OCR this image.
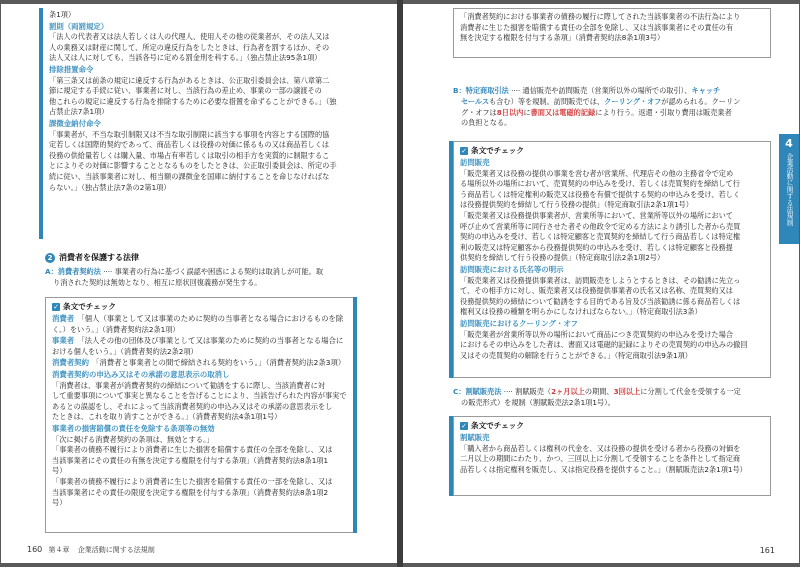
条1項）
罰則（両罰規定）
「法人の代表者又は法人若しくは人の代理人、使用人その他の従業者が、その法人又は
人の業務又は財産に関して、所定の違反行為をしたときは、行為者を罰するほか、その
法人又は人に対しても、当該各号に定める罰金刑を科する。」（独占禁止法95条1項）
排除措置命令
「第三条又は前条の規定に違反する行為があるときは、公正取引委員会は、第八章第二
節に規定する手続に従い、事業者に対し、当該行為の差止め、事業の一部の譲渡その
他これらの規定に違反する行為を排除するために必要な措置を命ずることができる。」（独
占禁止法7条1項）
課徴金納付命令
「事業者が、不当な取引制限又は不当な取引制限に該当する事項を内容とする国際的協
定若しくは国際的契約であって、商品若しくは役務の対価に係るもの又は商品若しくは
役務の供給量若しくは購入量、市場占有率若しくは取引の相手方を実質的に制限するこ
とによりその対価に影響することとなるものをしたときは、公正取引委員会は、所定の手
続に従い、当該事業者に対し、相当額の課徴金を国庫に納付することを命じなければな
らない。」（独占禁止法7条の2第1項）
2 消費者を保護する法律
A：消費者契約法 ···· 事業者の行為に基づく誤認や困惑による契約は取消しが可能。取
り消された契約は無効となり、相互に原状回復義務が発生する。
✓ 条文でチェック
消費者 「個人（事業として又は事業のために契約の当事者となる場合におけるものを除
く。）をいう。」（消費者契約法2条1項）
事業者 「法人その他の団体及び事業として又は事業のために契約の当事者となる場合に
おける個人をいう。」（消費者契約法2条2項）
消費者契約 「消費者と事業者との間で締結される契約をいう。」（消費者契約法2条3項）
消費者契約の申込み又はその承諾の意思表示の取消し
「消費者は、事業者が消費者契約の締結について勧誘をするに際し、当該消費者に対
して重要事項について事実と異なることを告げることにより、当該告げられた内容が事実で
あるとの誤認をし、それによって当該消費者契約の申込み又はその承諾の意思表示をし
たときは、これを取り消すことができる。」（消費者契約法4条1項1号）
事業者の損害賠償の責任を免除する条項等の無効
「次に掲げる消費者契約の条項は、無効とする。」
「事業者の債務不履行により消費者に生じた損害を賠償する責任の全部を免除し、又は
当該事業者にその責任の有無を決定する権限を付与する条項」（消費者契約法8条1項1
号）
「事業者の債務不履行により消費者に生じた損害を賠償する責任の一部を免除し、又は
当該事業者にその責任の限度を決定する権限を付与する条項」（消費者契約法8条1項2
号）
160 第４章 企業活動に関する法規制
「消費者契約における事業者の債務の履行に際してされた当該事業者の不法行為により
消費者に生じた損害を賠償する責任の全部を免除し、又は当該事業者にその責任の有
無を決定する権限を付与する条項」（消費者契約法8条1項3号）
B：特定商取引法 ···· 通信販売や訪問販売（営業所以外の場所での取引）、キャッチ
セールスも含む）等を規制。訪問販売では、クーリング・オフが認められる。クーリン
グ・オフは8日以内に書面又は電磁的記録により行う。返還・引取り費用は販売業者
の負担となる。
✓ 条文でチェック
訪問販売
「販売業者又は役務の提供の事業を営む者が営業所、代理店その他の主務省令で定め
る場所以外の場所において、売買契約の申込みを受け、若しくは売買契約を締結して行
う商品若しくは特定権利の販売又は役務を有償で提供する契約の申込みを受け、若しく
は役務提供契約を締結して行う役務の提供」（特定商取引法2条1項1号）
「販売業者又は役務提供事業者が、営業所等において、営業所等以外の場所において
呼び止めて営業所等に同行させた者その他政令で定める方法により誘引した者から売買
契約の申込みを受け、若しくは特定顧客と売買契約を締結して行う商品若しくは特定権
利の販売又は特定顧客から役務提供契約の申込みを受け、若しくは特定顧客と役務提
供契約を締結して行う役務の提供」（特定商取引法2条1項2号）
訪問販売における氏名等の明示
「販売業者又は役務提供事業者は、訪問販売をしようとするときは、その勧誘に先立っ
て、その相手方に対し、販売業者又は役務提供事業者の氏名又は名称、売買契約又は
役務提供契約の締結について勧誘をする目的である旨及び当該勧誘に係る商品若しくは
権利又は役務の種類を明らかにしなければならない。」（特定商取引法3条）
訪問販売におけるクーリング・オフ
「販売業者が営業所等以外の場所において商品につき売買契約の申込みを受けた場合
におけるその申込みをした者は、書面又は電磁的記録によりその売買契約の申込みの撤回
又はその売買契約の解除を行うことができる。」（特定商取引法9条1項）
C：割賦販売法 ···· 割賦販売（2ヶ月以上の期間、3回以上に分割して代金を受領する一定
の販売形式）を規制（割賦販売法2条1項1号）。
✓ 条文でチェック
割賦販売
「購入者から商品若しくは権利の代金を、又は役務の提供を受ける者から役務の対価を
二月以上の期間にわたり、かつ、三回以上に分割して受領することを条件として指定商
品若しくは指定権利を販売し、又は指定役務を提供すること。」（割賦販売法2条1項1号）
4
企業活動に関する法規制
161
